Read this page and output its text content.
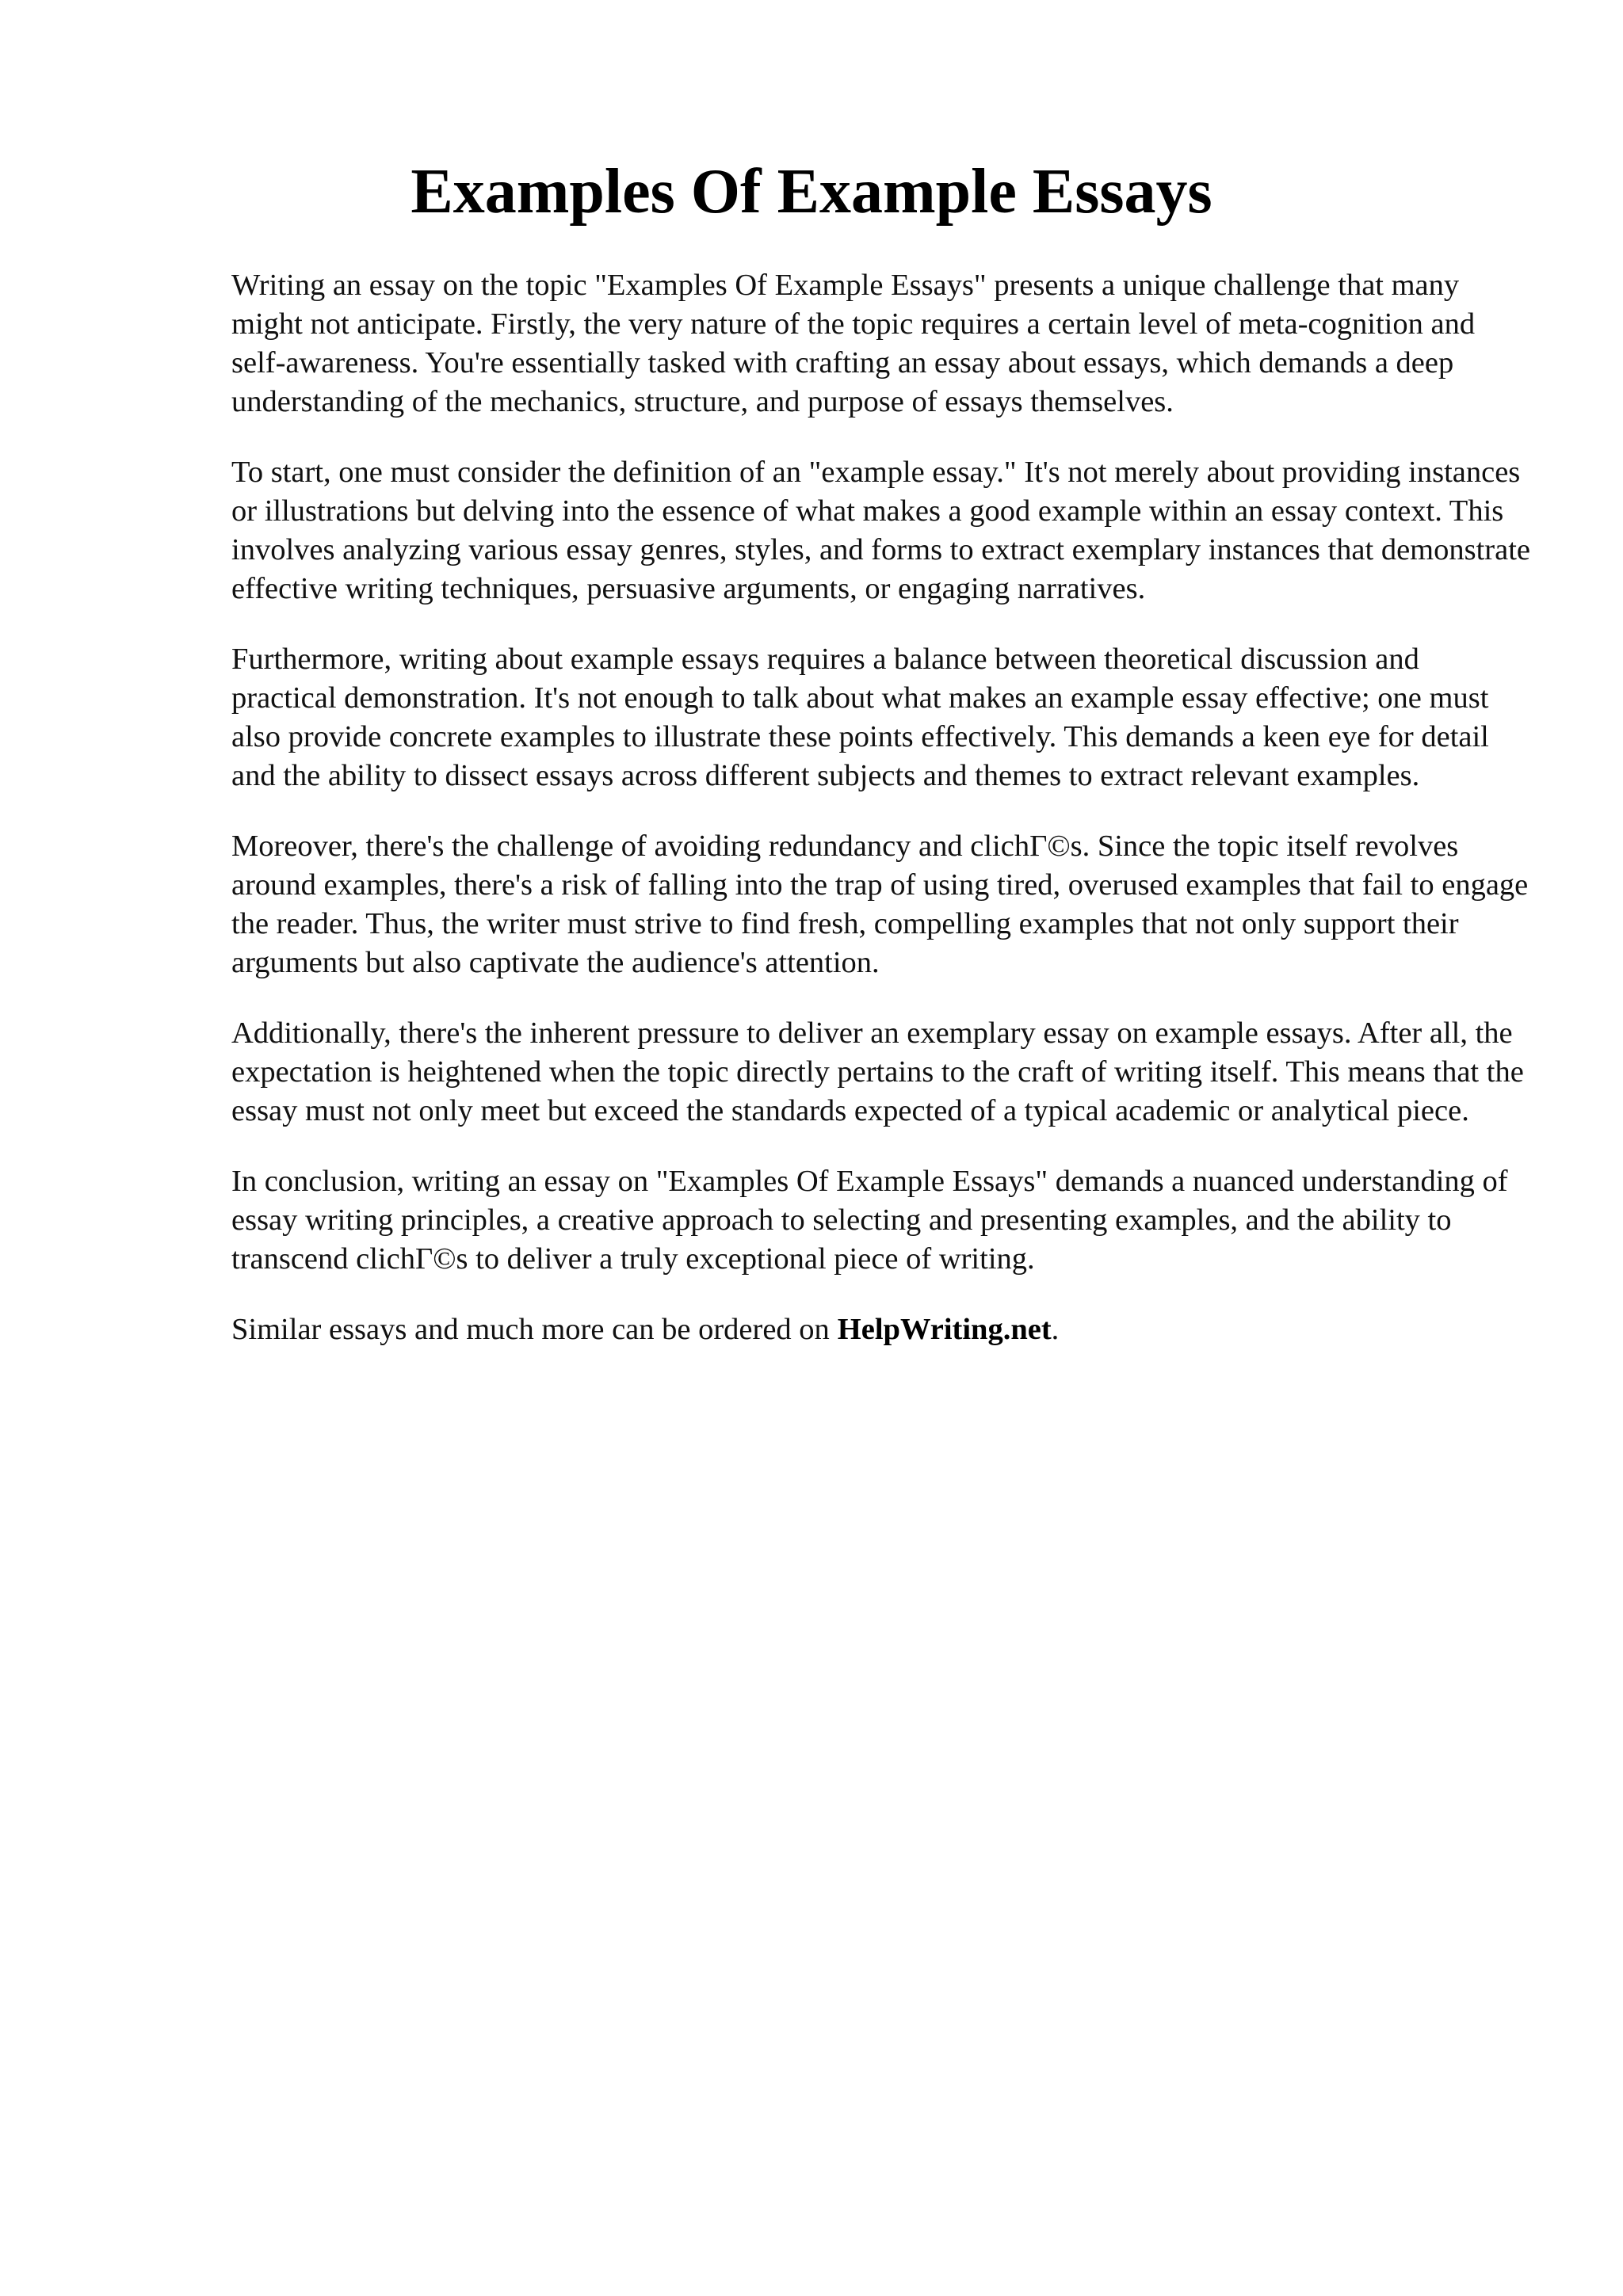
Examples Of Example Essays

Writing an essay on the topic "Examples Of Example Essays" presents a unique challenge that many might not anticipate. Firstly, the very nature of the topic requires a certain level of meta-cognition and self-awareness. You're essentially tasked with crafting an essay about essays, which demands a deep understanding of the mechanics, structure, and purpose of essays themselves.

To start, one must consider the definition of an "example essay." It's not merely about providing instances or illustrations but delving into the essence of what makes a good example within an essay context. This involves analyzing various essay genres, styles, and forms to extract exemplary instances that demonstrate effective writing techniques, persuasive arguments, or engaging narratives.

Furthermore, writing about example essays requires a balance between theoretical discussion and practical demonstration. It's not enough to talk about what makes an example essay effective; one must also provide concrete examples to illustrate these points effectively. This demands a keen eye for detail and the ability to dissect essays across different subjects and themes to extract relevant examples.

Moreover, there's the challenge of avoiding redundancy and clichΓ©s. Since the topic itself revolves around examples, there's a risk of falling into the trap of using tired, overused examples that fail to engage the reader. Thus, the writer must strive to find fresh, compelling examples that not only support their arguments but also captivate the audience's attention.

Additionally, there's the inherent pressure to deliver an exemplary essay on example essays. After all, the expectation is heightened when the topic directly pertains to the craft of writing itself. This means that the essay must not only meet but exceed the standards expected of a typical academic or analytical piece.

In conclusion, writing an essay on "Examples Of Example Essays" demands a nuanced understanding of essay writing principles, a creative approach to selecting and presenting examples, and the ability to transcend clichΓ©s to deliver a truly exceptional piece of writing.

Similar essays and much more can be ordered on HelpWriting.net.
